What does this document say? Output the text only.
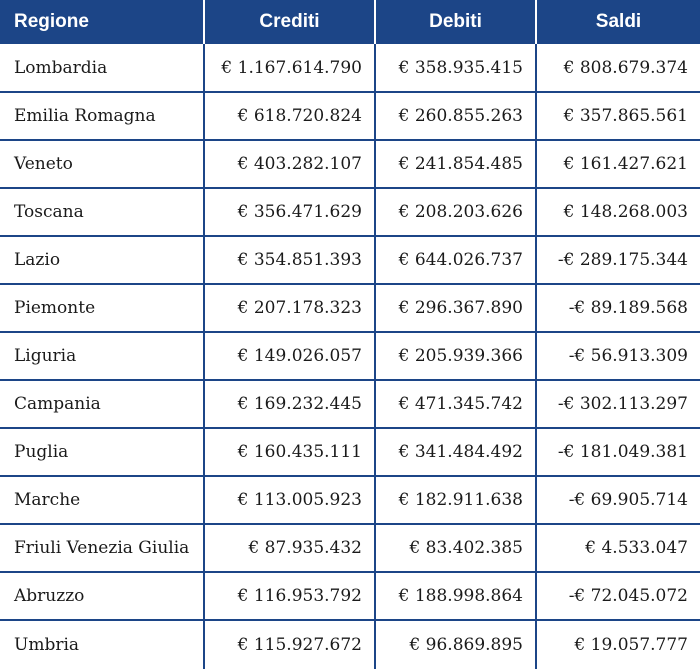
Regione	Crediti	Debiti	Saldi
Lombardia	€ 1.167.614.790	€ 358.935.415	€ 808.679.374
Emilia Romagna	€ 618.720.824	€ 260.855.263	€ 357.865.561
Veneto	€ 403.282.107	€ 241.854.485	€ 161.427.621
Toscana	€ 356.471.629	€ 208.203.626	€ 148.268.003
Lazio	€ 354.851.393	€ 644.026.737	-€ 289.175.344
Piemonte	€ 207.178.323	€ 296.367.890	-€ 89.189.568
Liguria	€ 149.026.057	€ 205.939.366	-€ 56.913.309
Campania	€ 169.232.445	€ 471.345.742	-€ 302.113.297
Puglia	€ 160.435.111	€ 341.484.492	-€ 181.049.381
Marche	€ 113.005.923	€ 182.911.638	-€ 69.905.714
Friuli Venezia Giulia	€ 87.935.432	€ 83.402.385	€ 4.533.047
Abruzzo	€ 116.953.792	€ 188.998.864	-€ 72.045.072
Umbria	€ 115.927.672	€ 96.869.895	€ 19.057.777
